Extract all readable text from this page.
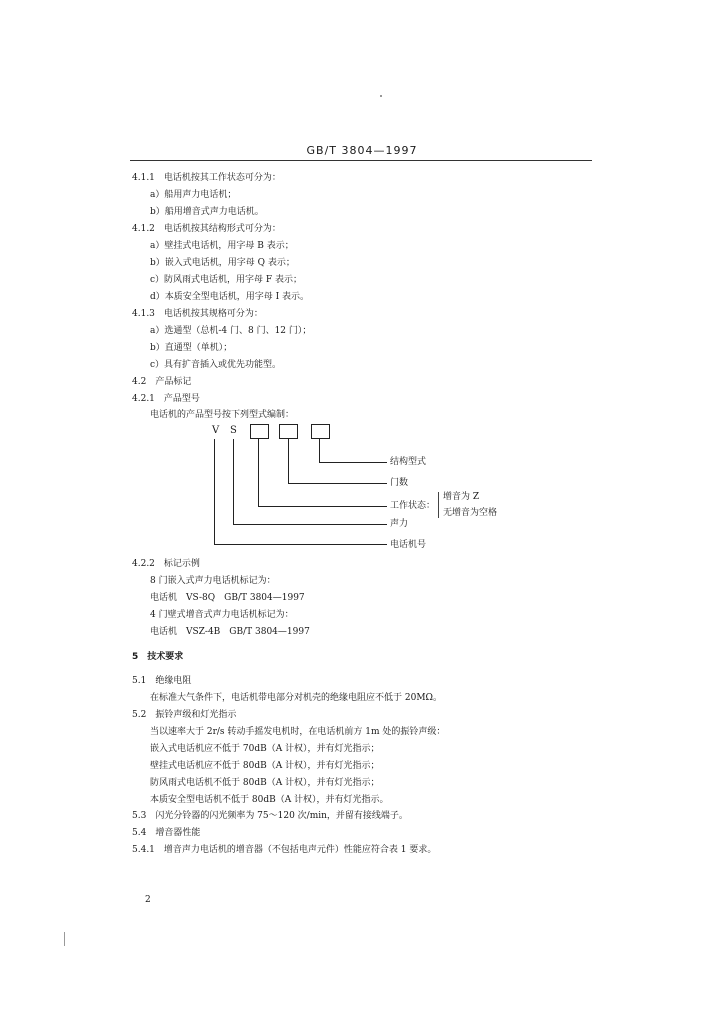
GB/T 3804—1997
4.1.1　电话机按其工作状态可分为：
a）船用声力电话机；
b）船用增音式声力电话机。
4.1.2　电话机按其结构形式可分为：
a）壁挂式电话机，用字母 B 表示；
b）嵌入式电话机，用字母 Q 表示；
c）防风雨式电话机，用字母 F 表示；
d）本质安全型电话机，用字母 I 表示。
4.1.3　电话机按其规格可分为：
a）选通型（总机-4 门、8 门、12 门）；
b）直通型（单机）；
c）具有扩音插入或优先功能型。
4.2　产品标记
4.2.1　产品型号
电话机的产品型号按下列型式编制：
V S
结构型式
门数
工作状态：
增音为 Z
无增音为空格
声力
电话机号
4.2.2　标记示例
8 门嵌入式声力电话机标记为：
电话机　VS-8Q　GB/T 3804—1997
4 门壁式增音式声力电话机标记为：
电话机　VSZ-4B　GB/T 3804—1997
5　技术要求
5.1　绝缘电阻
在标准大气条件下，电话机带电部分对机壳的绝缘电阻应不低于 20MΩ。
5.2　振铃声级和灯光指示
当以速率大于 2r/s 转动手摇发电机时，在电话机前方 1m 处的振铃声级：
嵌入式电话机应不低于 70dB（A 计权），并有灯光指示；
壁挂式电话机应不低于 80dB（A 计权），并有灯光指示；
防风雨式电话机不低于 80dB（A 计权），并有灯光指示；
本质安全型电话机不低于 80dB（A 计权），并有灯光指示。
5.3　闪光分铃器的闪光频率为 75～120 次/min，并留有接线端子。
5.4　增音器性能
5.4.1　增音声力电话机的增音器（不包括电声元件）性能应符合表 1 要求。
2
